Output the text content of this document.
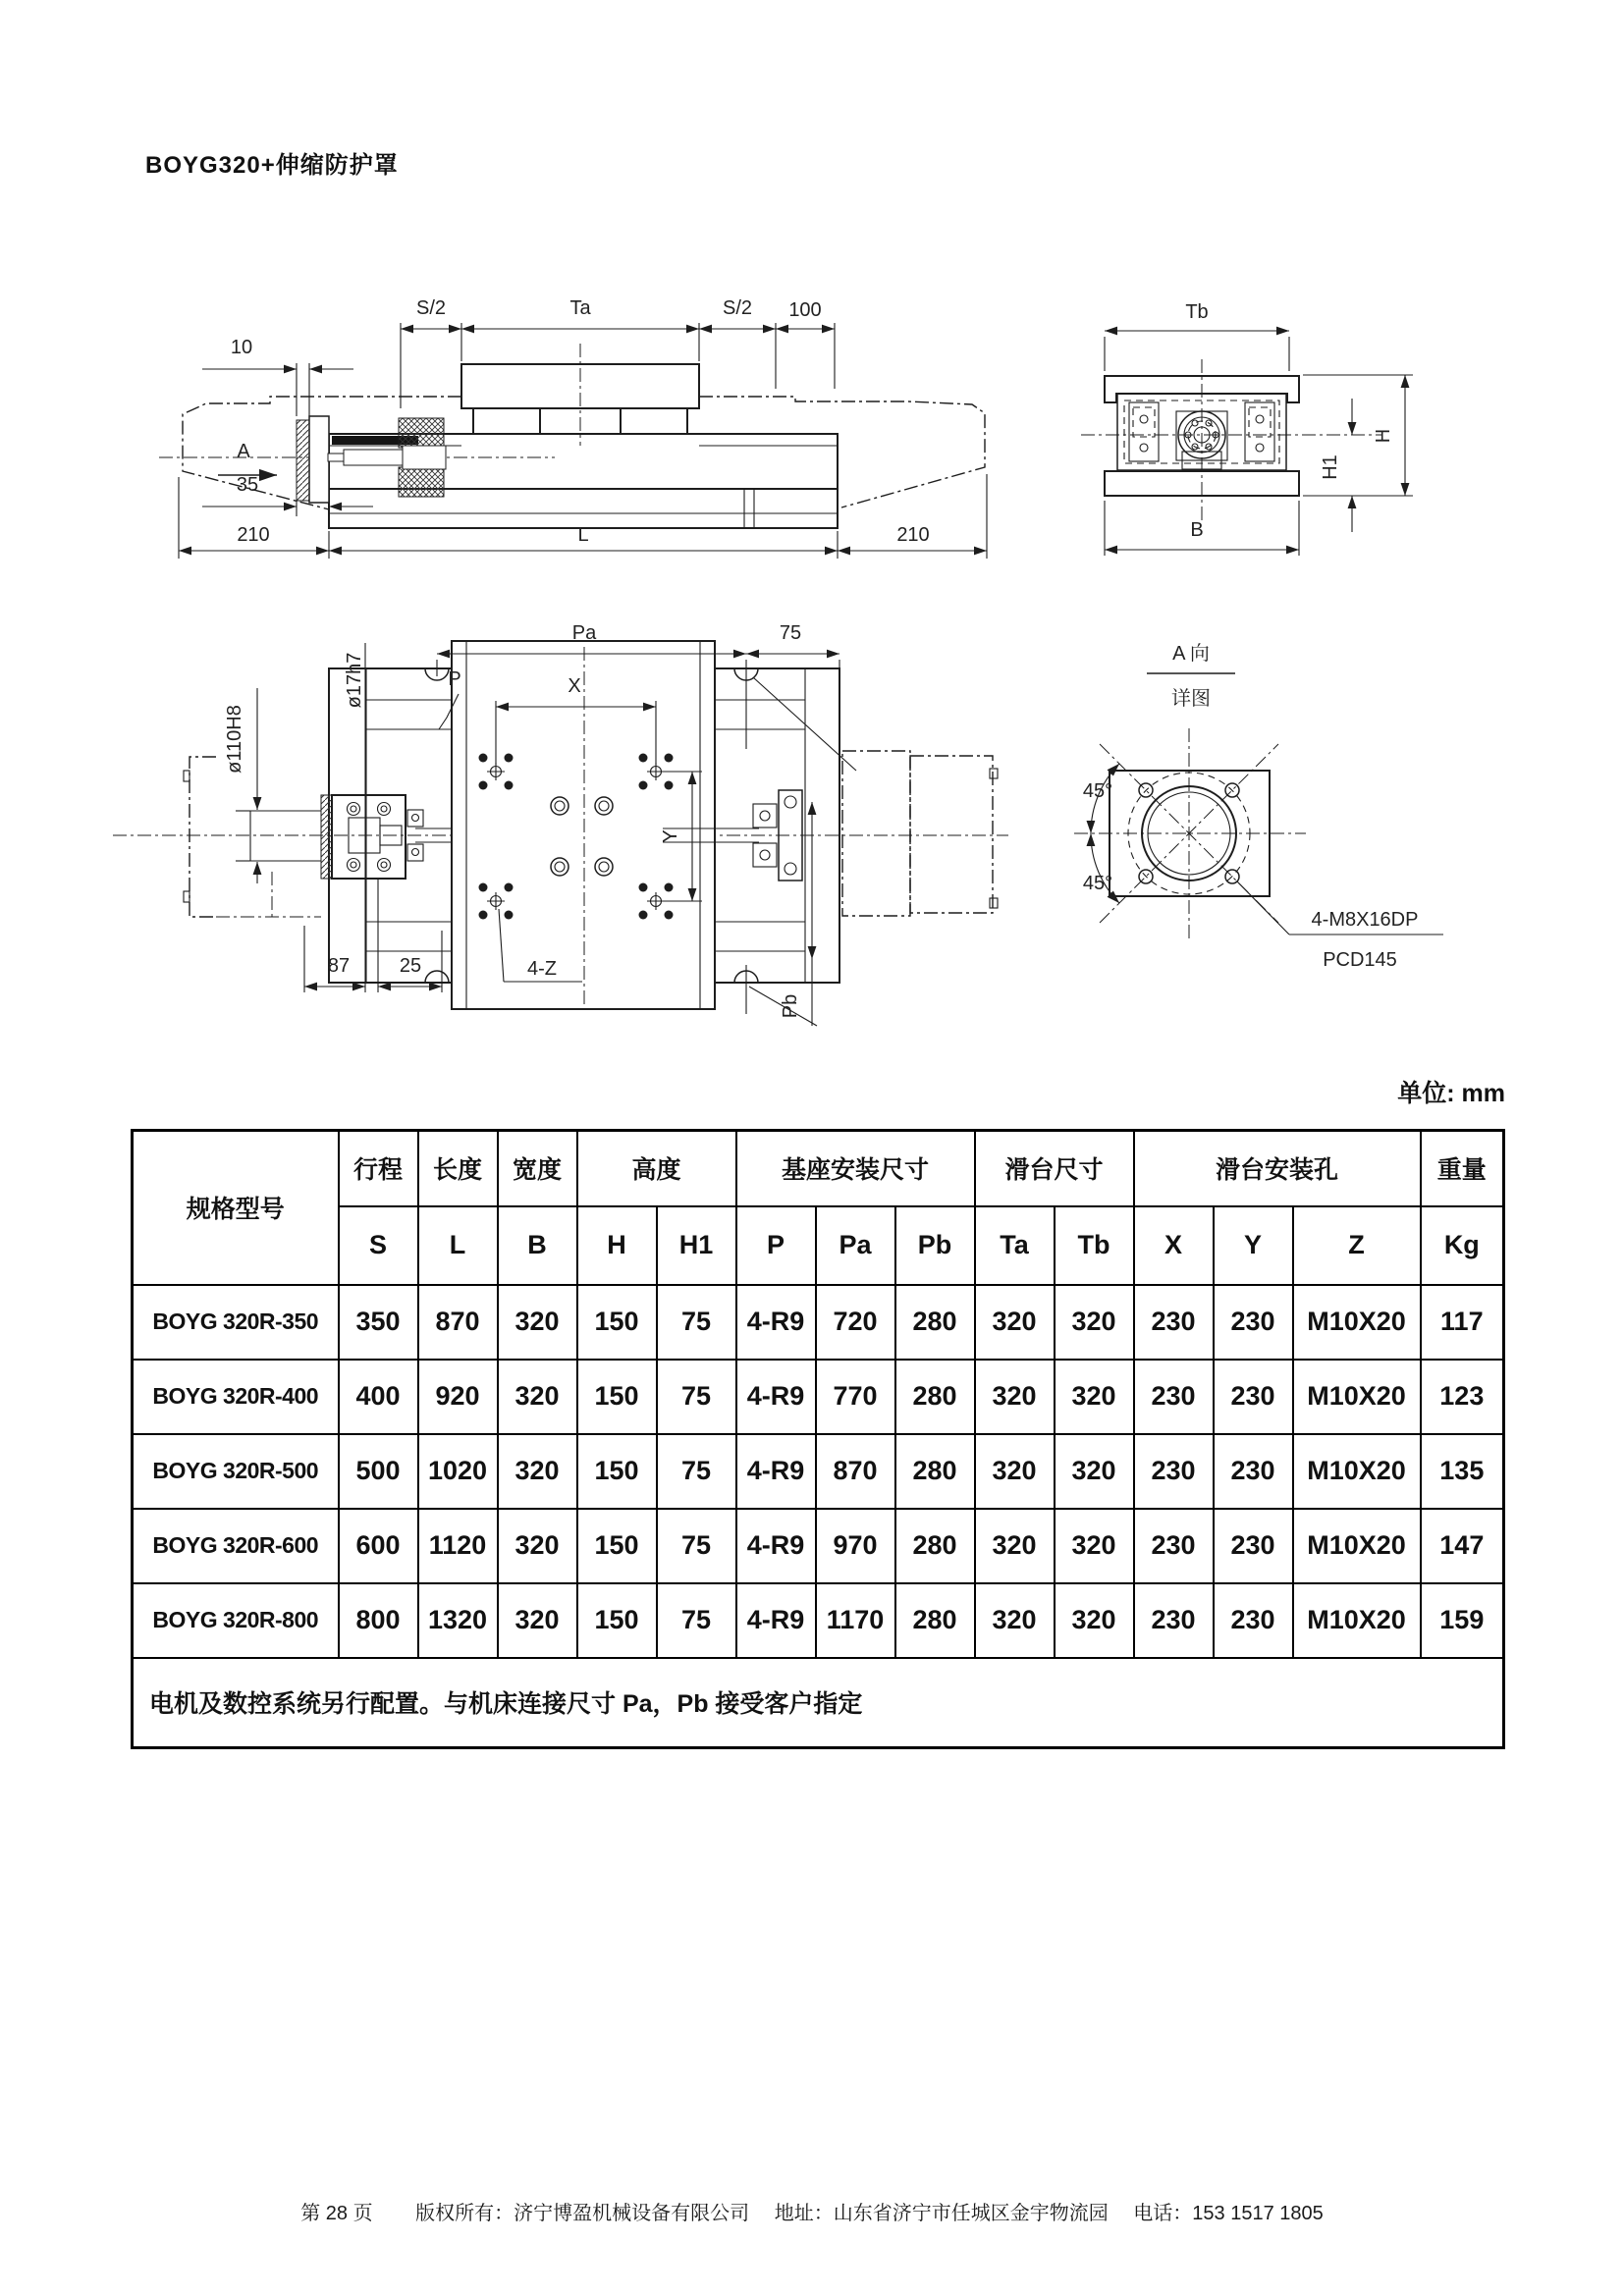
BOYG320+伸缩防护罩
S/2	Ta	S/2 100
10
A
35
210	L	210
Tb
H
H1
B
Pa	75
P	X
Y
ø17h7
ø110H8
87	25	4-Z
Pb
A 向
详图
45°
45°
4-M8X16DP
PCD145
单位: mm
规格型号	行程	长度	宽度	高度		基座安装尺寸			滑台尺寸		滑台安装孔			重量
	S	L	B	H	H1	P	Pa	Pb	Ta	Tb	X	Y	Z	Kg
BOYG 320R-350	350	870	320	150	75	4-R9	720	280	320	320	230	230	M10X20	117
BOYG 320R-400	400	920	320	150	75	4-R9	770	280	320	320	230	230	M10X20	123
BOYG 320R-500	500	1020	320	150	75	4-R9	870	280	320	320	230	230	M10X20	135
BOYG 320R-600	600	1120	320	150	75	4-R9	970	280	320	320	230	230	M10X20	147
BOYG 320R-800	800	1320	320	150	75	4-R9	1170	280	320	320	230	230	M10X20	159
电机及数控系统另行配置。与机床连接尺寸 Pa，Pb 接受客户指定														
第 28 页 版权所有：济宁博盈机械设备有限公司 地址：山东省济宁市任城区金宇物流园 电话：153 1517 1805
